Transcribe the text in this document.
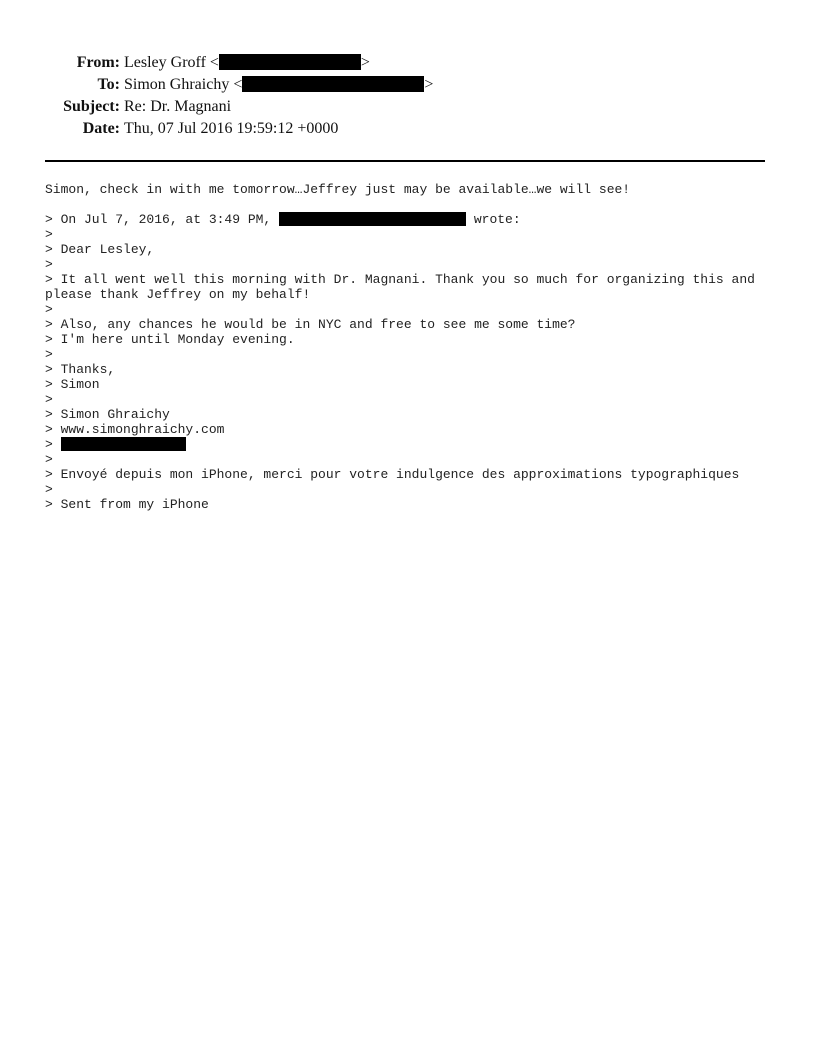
From: Lesley Groff <	>
To: Simon Ghraichy <	>
Subject: Re: Dr. Magnani
Date: Thu, 07 Jul 2016 19:59:12 +0000
Simon, check in with me tomorrow…Jeffrey just may be available…we will see!
> On Jul 7, 2016, at 3:49 PM,	wrote:
>
> Dear Lesley,
>
> It all went well this morning with Dr. Magnani. Thank you so much for organizing this and
please thank Jeffrey on my behalf!
>
> Also, any chances he would be in NYC and free to see me some time?
> I'm here until Monday evening.
>
> Thanks,
> Simon
>
> Simon Ghraichy
> www.simonghraichy.com
>
>
> Envoyé depuis mon iPhone, merci pour votre indulgence des approximations typographiques
>
> Sent from my iPhone
